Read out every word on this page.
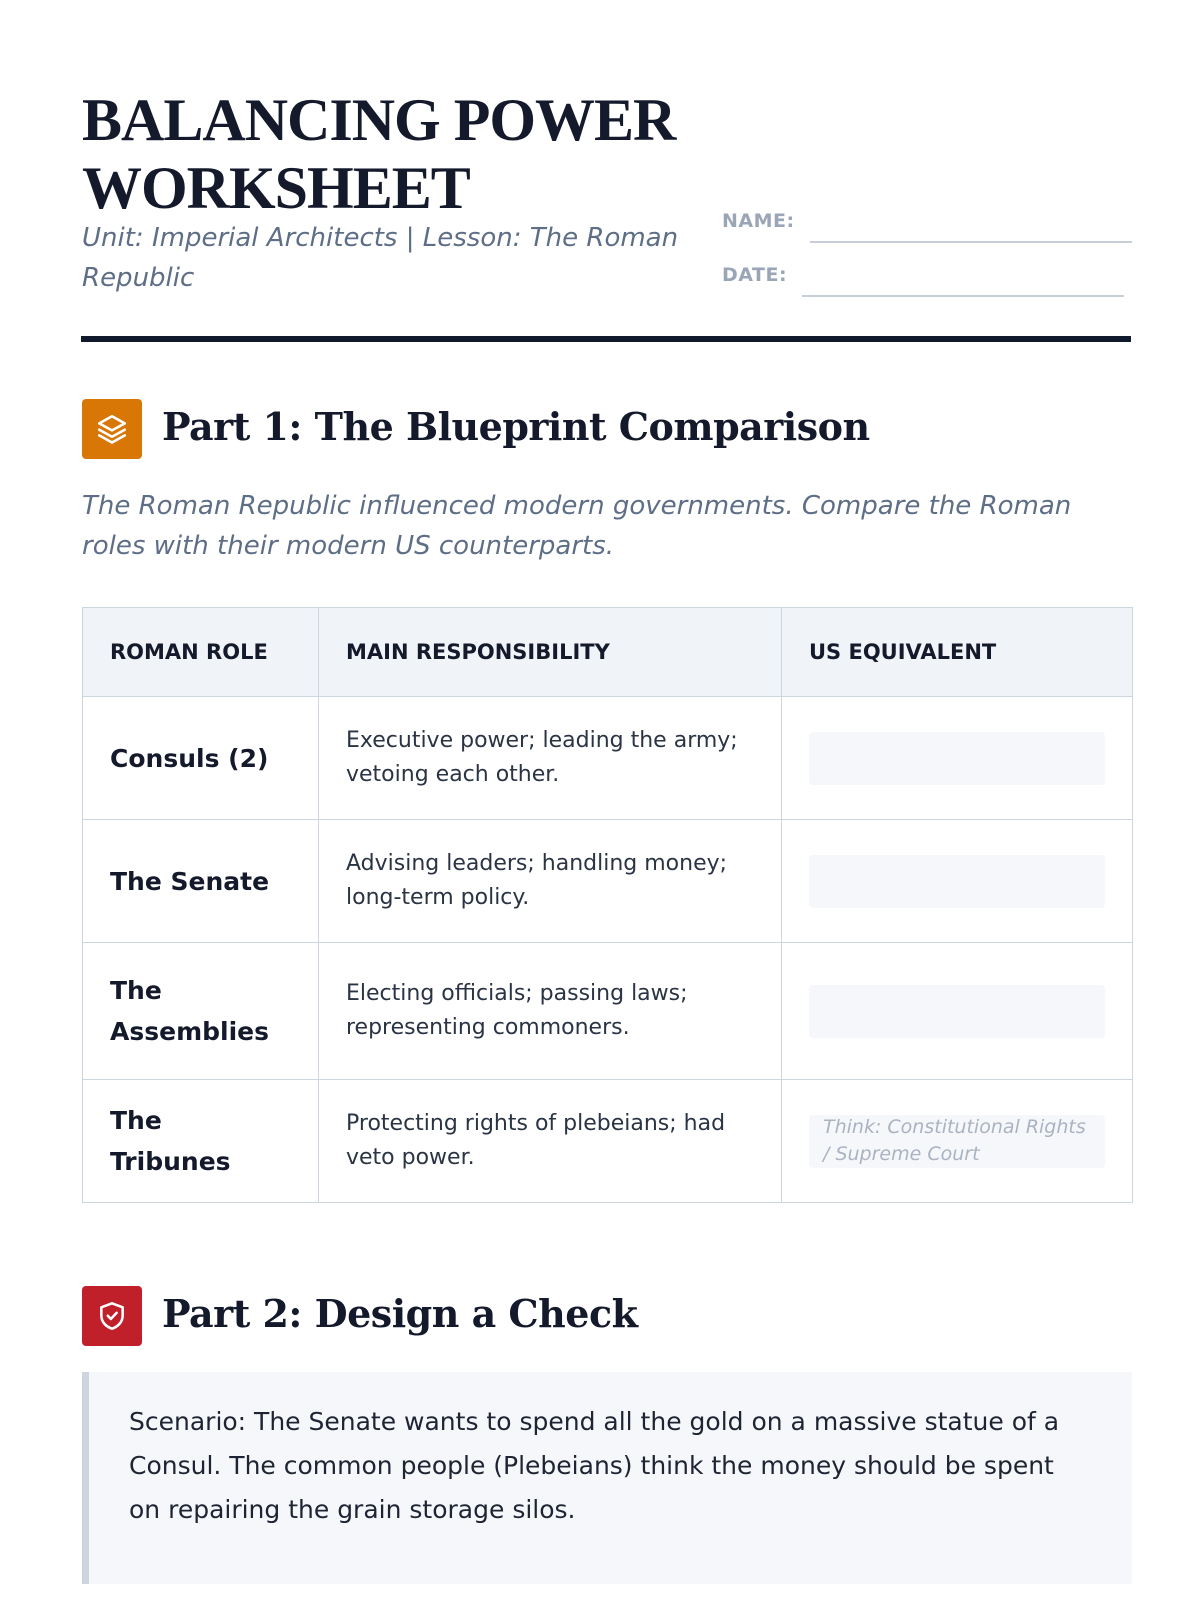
BALANCING POWER WORKSHEET
Unit: Imperial Architects | Lesson: The Roman Republic
NAME:
DATE:
Part 1: The Blueprint Comparison

The Roman Republic influenced modern governments. Compare the Roman roles with their modern US counterparts.

ROMAN ROLE	MAIN RESPONSIBILITY	US EQUIVALENT
Consuls (2)	Executive power; leading the army; vetoing each other.	

The Senate	Advising leaders; handling money; long-term policy.	

The Assemblies	Electing officials; passing laws; representing commoners.	

The Tribunes	Protecting rights of plebeians; had veto power.	Think: Constitutional Rights / Supreme Court
Part 2: Design a Check
Scenario: The Senate wants to spend all the gold on a massive statue of a Consul. The common people (Plebeians) think the money should be spent on repairing the grain storage silos.
